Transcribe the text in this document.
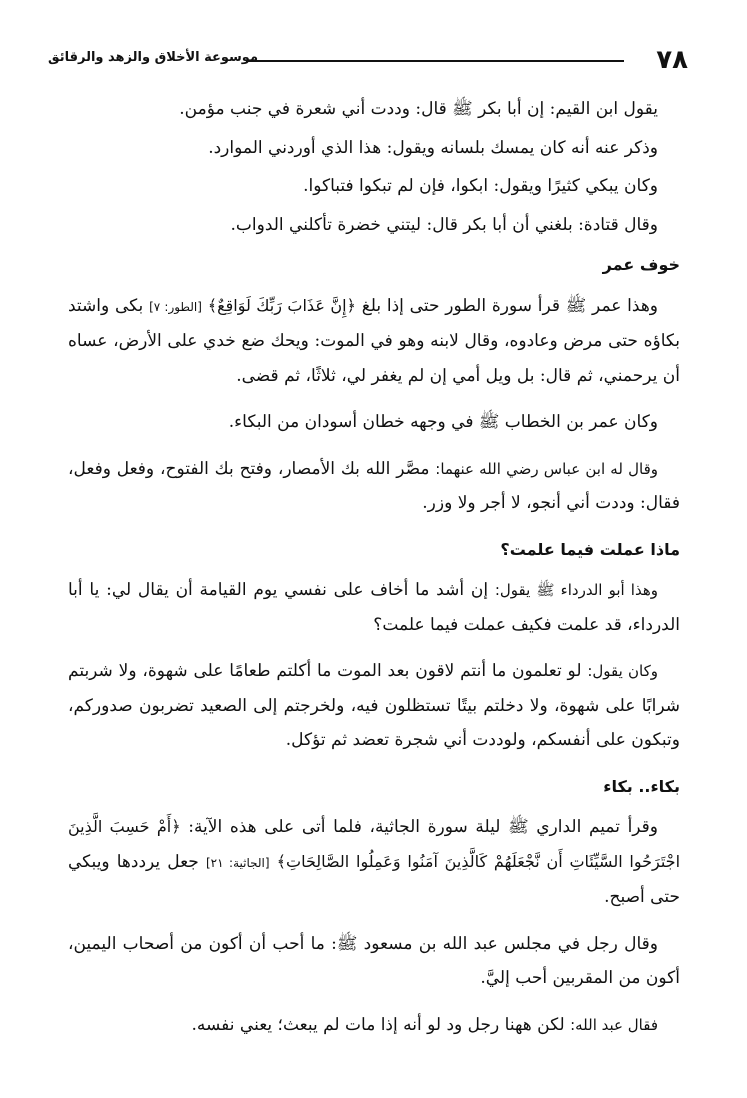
٧٨
موسوعة الأخلاق والزهد والرقائق

يقول ابن القيم: إن أبا بكر ﷺ قال: وددت أني شعرة في جنب مؤمن.

وذكر عنه أنه كان يمسك بلسانه ويقول: هذا الذي أوردني الموارد.

وكان يبكي كثيرًا ويقول: ابكوا، فإن لم تبكوا فتباكوا.

وقال قتادة: بلغني أن أبا بكر قال: ليتني خضرة تأكلني الدواب.

خوف عمر

وهذا عمر ﷺ قرأ سورة الطور حتى إذا بلغ ﴿إِنَّ عَذَابَ رَبِّكَ لَوَاقِعٌ﴾ [الطور: ٧] بكى واشتد بكاؤه حتى مرض وعادوه، وقال لابنه وهو في الموت: ويحك ضع خدي على الأرض، عساه أن يرحمني، ثم قال: بل ويل أمي إن لم يغفر لي، ثلاثًا، ثم قضى.

وكان عمر بن الخطاب ﷺ في وجهه خطان أسودان من البكاء.

وقال له ابن عباس رضي الله عنهما: مصَّر الله بك الأمصار، وفتح بك الفتوح، وفعل وفعل، فقال: وددت أني أنجو، لا أجر ولا وزر.

ماذا عملت فيما علمت؟

وهذا أبو الدرداء ﷺ يقول: إن أشد ما أخاف على نفسي يوم القيامة أن يقال لي: يا أبا الدرداء، قد علمت فكيف عملت فيما علمت؟

وكان يقول: لو تعلمون ما أنتم لاقون بعد الموت ما أكلتم طعامًا على شهوة، ولا شربتم شرابًا على شهوة، ولا دخلتم بيتًا تستظلون فيه، ولخرجتم إلى الصعيد تضربون صدوركم، وتبكون على أنفسكم، ولوددت أني شجرة تعضد ثم تؤكل.

بكاء.. بكاء

وقرأ تميم الداري ﷺ ليلة سورة الجاثية، فلما أتى على هذه الآية: ﴿أَمْ حَسِبَ الَّذِينَ اجْتَرَحُوا السَّيِّئَاتِ أَن نَّجْعَلَهُمْ كَالَّذِينَ آمَنُوا وَعَمِلُوا الصَّالِحَاتِ﴾ [الجاثية: ٢١] جعل يرددها ويبكي حتى أصبح.

وقال رجل في مجلس عبد الله بن مسعود ﷺ: ما أحب أن أكون من أصحاب اليمين، أكون من المقربين أحب إليَّ.

فقال عبد الله: لكن ههنا رجل ود لو أنه إذا مات لم يبعث؛ يعني نفسه.
